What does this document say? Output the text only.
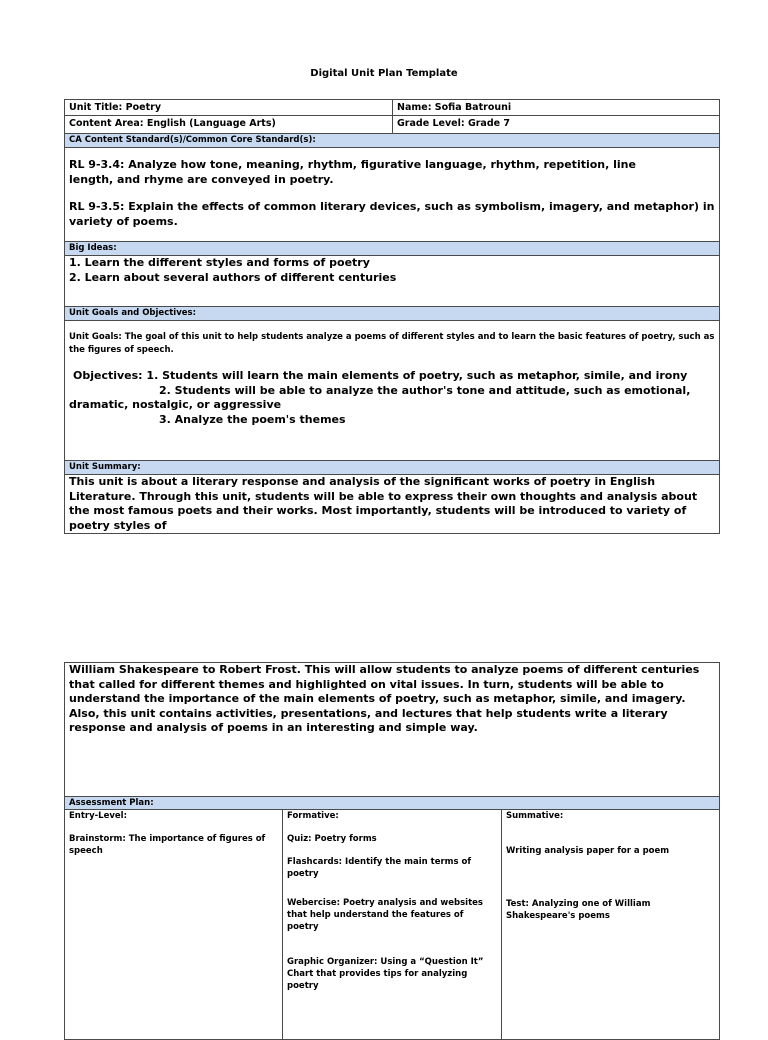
Digital Unit Plan Template
Unit Title: Poetry	Name: Sofia Batrouni
Content Area: English (Language Arts)	Grade Level: Grade 7
CA Content Standard(s)/Common Core Standard(s):	

RL 9-3.4: Analyze how tone, meaning, rhythm, figurative language, rhythm, repetition, line length, and rhyme are conveyed in poetry.

RL 9-3.5: Explain the effects of common literary devices, such as symbolism, imagery, and metaphor) in variety of poems.	

Big Ideas:	

1. Learn the different styles and forms of poetry

2. Learn about several authors of different centuries	

Unit Goals and Objectives:	

Unit Goals: The goal of this unit to help students analyze a poems of different styles and to learn the basic features of poetry, such as the figures of speech.

Objectives: 1. Students will learn the main elements of poetry, such as metaphor, simile, and irony

2. Students will be able to analyze the author's tone and attitude, such as emotional,

dramatic, nostalgic, or aggressive

3. Analyze the poem's themes	

Unit Summary:	
This unit is about a literary response and analysis of the significant works of poetry in English Literature. Through this unit, students will be able to express their own thoughts and analysis about the most famous poets and their works. Most importantly, students will be introduced to variety of poetry styles of	
William Shakespeare to Robert Frost. This will allow students to analyze poems of different centuries that called for different themes and highlighted on vital issues. In turn, students will be able to understand the importance of the main elements of poetry, such as metaphor, simile, and imagery. Also, this unit contains activities, presentations, and lectures that help students write a literary response and analysis of poems in an interesting and simple way.
Assessment Plan:

Entry-Level:

Brainstorm: The importance of figures of speech

Formative:

Quiz: Poetry forms

Flashcards: Identify the main terms of poetry

Webercise: Poetry analysis and websites that help understand the features of poetry

Graphic Organizer: Using a “Question It” Chart that provides tips for analyzing poetry

Summative:

Writing analysis paper for a poem

Test: Analyzing one of William Shakespeare's poems
